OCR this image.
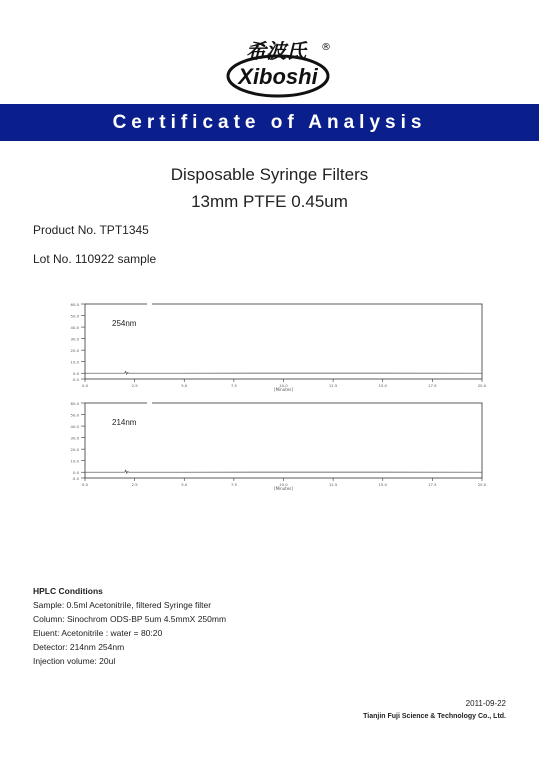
希波氏 ®
Xiboshi
Certificate of Analysis
Disposable Syringe Filters
13mm PTFE 0.45um
Product No. TPT1345
Lot No. 110922 sample
-5.0
0.0
10.0
20.0
30.0
40.0
50.0
60.0
0.0	2.5	5.0	7.5	10.0	12.5	15.0	17.5	20.0
[Minutes]
254nm
-5.0
0.0
10.0
20.0
30.0
40.0
50.0
60.0
0.0	2.5	5.0	7.5	10.0	12.5	15.0	17.5	20.0
[Minutes]
214nm
HPLC Conditions
Sample: 0.5ml Acetonitrile, filtered Syringe filter
Column: Sinochrom ODS-BP 5um 4.5mmX 250mm
Eluent: Acetonitrile : water = 80:20
Detector: 214nm 254nm
Injection volume: 20ul
2011-09-22
Tianjin Fuji Science & Technology Co., Ltd.
